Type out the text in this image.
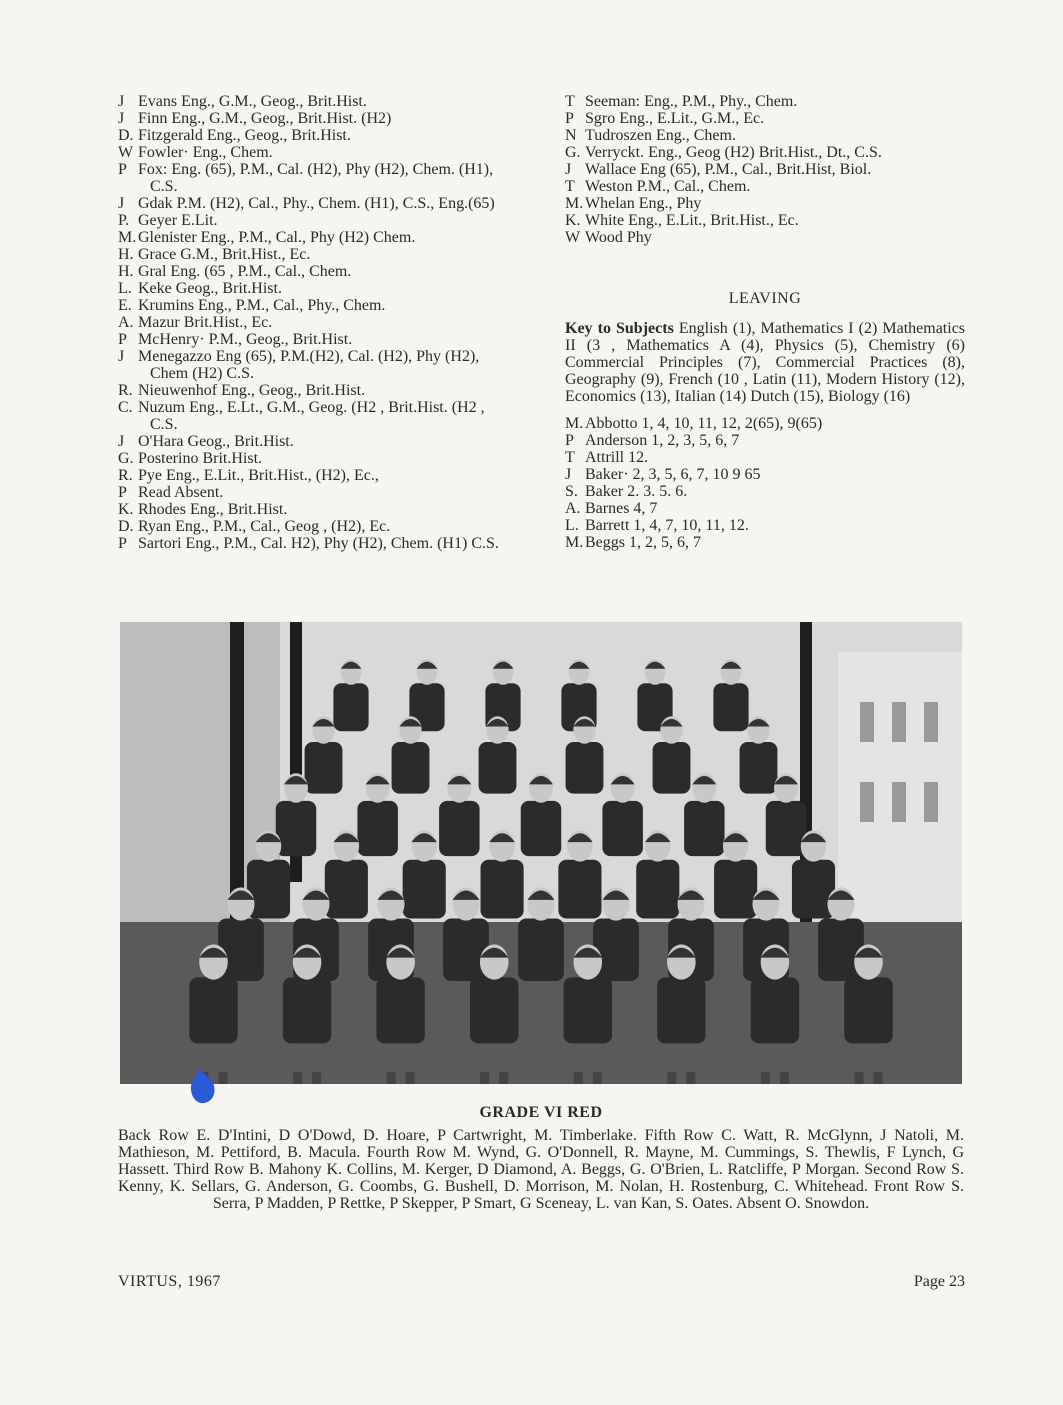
J Evans Eng., G.M., Geog., Brit.Hist.
J Finn Eng., G.M., Geog., Brit.Hist. (H2)
D. Fitzgerald Eng., Geog., Brit.Hist.
W Fowler· Eng., Chem.
P Fox: Eng. (65), P.M., Cal. (H2), Phy (H2), Chem. (H1), C.S.
J Gdak P.M. (H2), Cal., Phy., Chem. (H1), C.S., Eng.(65)
P. Geyer E.Lit.
M. Glenister Eng., P.M., Cal., Phy (H2) Chem.
H. Grace G.M., Brit.Hist., Ec.
H. Gral Eng. (65 , P.M., Cal., Chem.
L. Keke Geog., Brit.Hist.
E. Krumins Eng., P.M., Cal., Phy., Chem.
A. Mazur Brit.Hist., Ec.
P McHenry· P.M., Geog., Brit.Hist.
J Menegazzo Eng (65), P.M.(H2), Cal. (H2), Phy (H2), Chem (H2) C.S.
R. Nieuwenhof Eng., Geog., Brit.Hist.
C. Nuzum Eng., E.Lt., G.M., Geog. (H2 , Brit.Hist. (H2 , C.S.
J O'Hara Geog., Brit.Hist.
G. Posterino Brit.Hist.
R. Pye Eng., E.Lit., Brit.Hist., (H2), Ec.,
P Read Absent.
K. Rhodes Eng., Brit.Hist.
D. Ryan Eng., P.M., Cal., Geog , (H2), Ec.
P Sartori Eng., P.M., Cal. H2), Phy (H2), Chem. (H1) C.S.
T Seeman: Eng., P.M., Phy., Chem.
P Sgro Eng., E.Lit., G.M., Ec.
N Tudroszen Eng., Chem.
G. Verryckt. Eng., Geog (H2) Brit.Hist., Dt., C.S.
J Wallace Eng (65), P.M., Cal., Brit.Hist, Biol.
T Weston P.M., Cal., Chem.
M. Whelan Eng., Phy
K. White Eng., E.Lit., Brit.Hist., Ec.
W Wood Phy
LEAVING
Key to Subjects English (1), Mathematics I (2) Mathematics II (3 , Mathematics A (4), Physics (5), Chemistry (6) Commercial Principles (7), Commercial Practices (8), Geography (9), French (10 , Latin (11), Modern History (12), Economics (13), Italian (14) Dutch (15), Biology (16)
M. Abbotto 1, 4, 10, 11, 12, 2(65), 9(65)
P Anderson 1, 2, 3, 5, 6, 7
T Attrill 12.
J Baker· 2, 3, 5, 6, 7, 10 9 65
S. Baker 2. 3. 5. 6.
A. Barnes 4, 7
L. Barrett 1, 4, 7, 10, 11, 12.
M. Beggs 1, 2, 5, 6, 7
GRADE VI RED
Back Row E. D'Intini, D O'Dowd, D. Hoare, P Cartwright, M. Timberlake. Fifth Row C. Watt, R. McGlynn, J Natoli, M. Mathieson, M. Pettiford, B. Macula. Fourth Row M. Wynd, G. O'Donnell, R. Mayne, M. Cummings, S. Thewlis, F Lynch, G Hassett. Third Row B. Mahony K. Collins, M. Kerger, D Diamond, A. Beggs, G. O'Brien, L. Ratcliffe, P Morgan. Second Row S. Kenny, K. Sellars, G. Anderson, G. Coombs, G. Bushell, D. Morrison, M. Nolan, H. Rostenburg, C. Whitehead. Front Row S. Serra, P Madden, P Rettke, P Skepper, P Smart, G Sceneay, L. van Kan, S. Oates. Absent O. Snowdon.
VIRTUS, 1967	Page 23
